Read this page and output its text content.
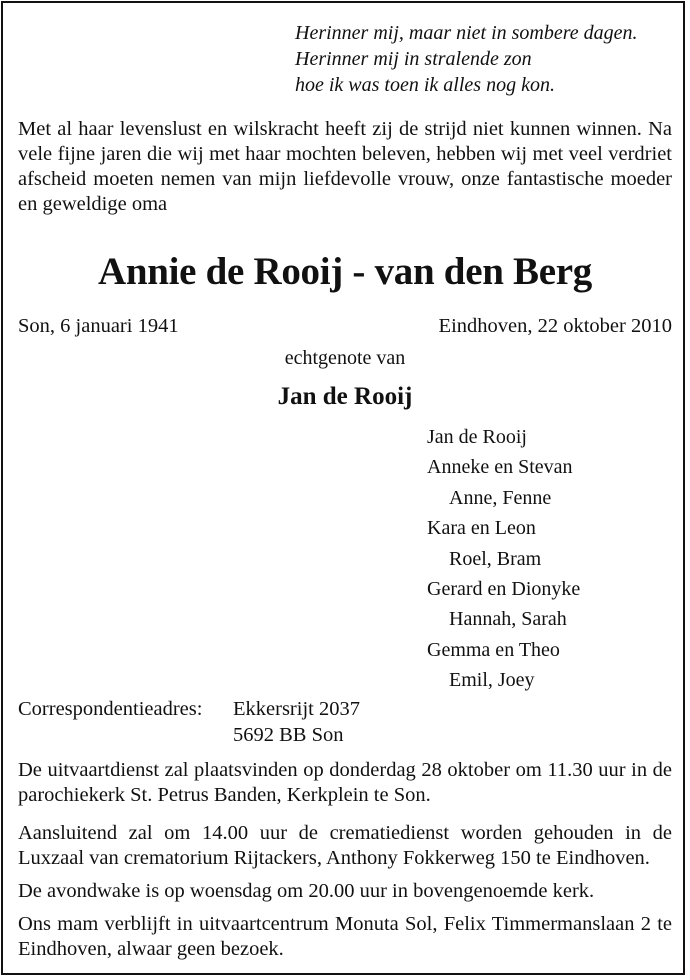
Herinner mij, maar niet in sombere dagen.
Herinner mij in stralende zon
hoe ik was toen ik alles nog kon.
Met al haar levenslust en wilskracht heeft zij de strijd niet kunnen winnen. Na vele fijne jaren die wij met haar mochten beleven, hebben wij met veel verdriet afscheid moeten nemen van mijn liefdevolle vrouw, onze fantastische moeder en geweldige oma
Annie de Rooij - van den Berg
Son, 6 januari 1941	Eindhoven, 22 oktober 2010
echtgenote van
Jan de Rooij
Jan de Rooij
Anneke en Stevan
Anne, Fenne
Kara en Leon
Roel, Bram
Gerard en Dionyke
Hannah, Sarah
Gemma en Theo
Emil, Joey
Correspondentieadres: Ekkersrijt 2037
5692 BB Son
De uitvaartdienst zal plaatsvinden op donderdag 28 oktober om 11.30 uur in de parochiekerk St. Petrus Banden, Kerkplein te Son.
Aansluitend zal om 14.00 uur de crematiedienst worden gehouden in de Luxzaal van crematorium Rijtackers, Anthony Fokkerweg 150 te Eindhoven.
De avondwake is op woensdag om 20.00 uur in bovengenoemde kerk.
Ons mam verblijft in uitvaartcentrum Monuta Sol, Felix Timmermanslaan 2 te Eindhoven, alwaar geen bezoek.
